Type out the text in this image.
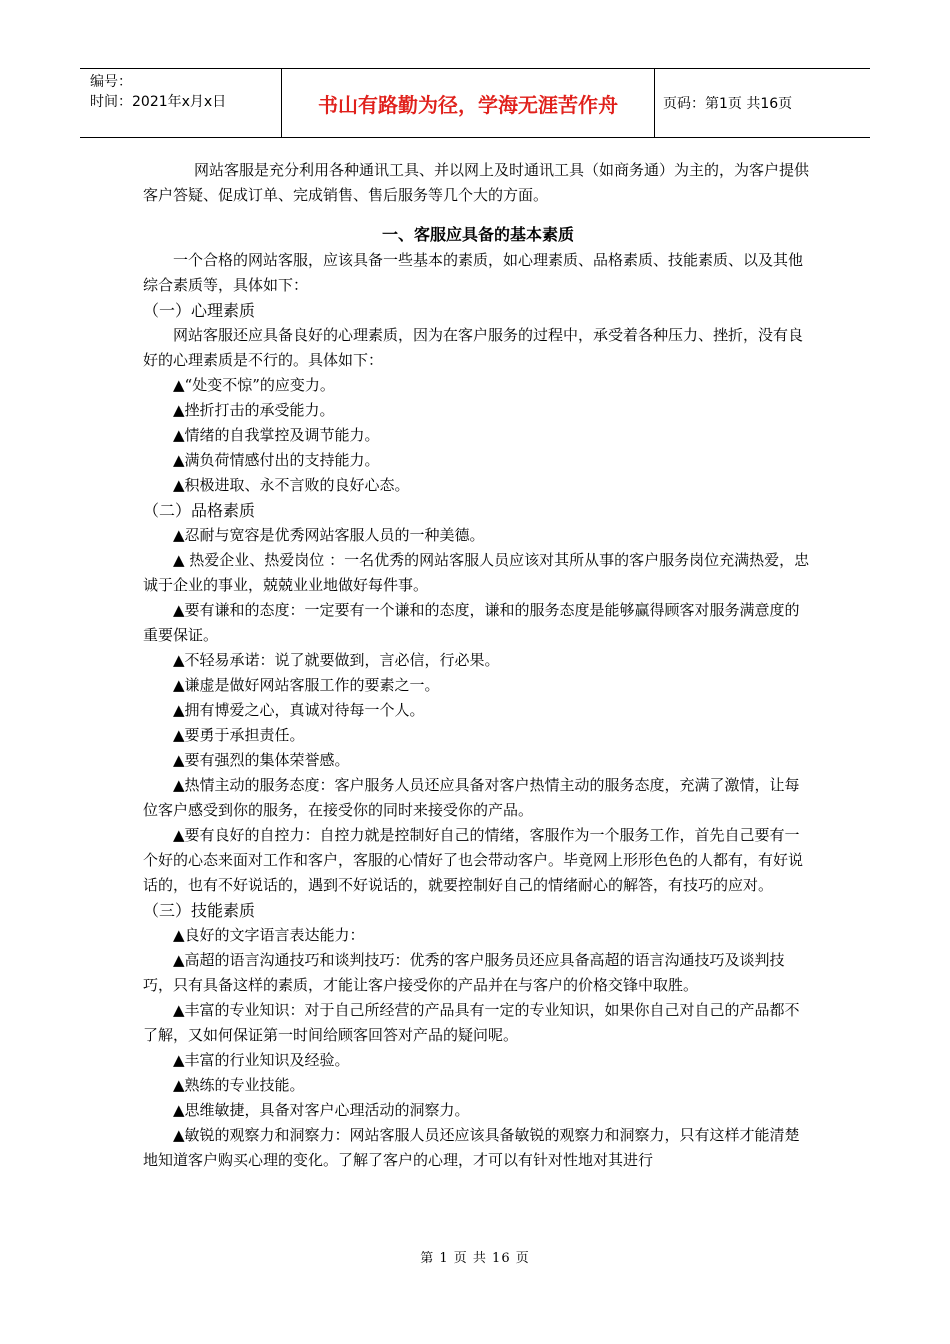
编号：
时间：2021年x月x日	书山有路勤为径，学海无涯苦作舟	页码：第1页 共16页

网站客服是充分利用各种通讯工具、并以网上及时通讯工具（如商务通）为主的，为客户提供客户答疑、促成订单、完成销售、售后服务等几个大的方面。

一、客服应具备的基本素质

一个合格的网站客服，应该具备一些基本的素质，如心理素质、品格素质、技能素质、以及其他综合素质等，具体如下：

（一）心理素质

网站客服还应具备良好的心理素质，因为在客户服务的过程中，承受着各种压力、挫折，没有良好的心理素质是不行的。具体如下：

▲“处变不惊”的应变力。

▲挫折打击的承受能力。

▲情绪的自我掌控及调节能力。

▲满负荷情感付出的支持能力。

▲积极进取、永不言败的良好心态。

（二）品格素质

▲忍耐与宽容是优秀网站客服人员的一种美德。

▲ 热爱企业、热爱岗位 ：一名优秀的网站客服人员应该对其所从事的客户服务岗位充满热爱，忠诚于企业的事业，兢兢业业地做好每件事。

▲要有谦和的态度：一定要有一个谦和的态度，谦和的服务态度是能够赢得顾客对服务满意度的重要保证。

▲不轻易承诺：说了就要做到，言必信，行必果。

▲谦虚是做好网站客服工作的要素之一。

▲拥有博爱之心，真诚对待每一个人。

▲要勇于承担责任。

▲要有强烈的集体荣誉感。

▲热情主动的服务态度：客户服务人员还应具备对客户热情主动的服务态度，充满了激情，让每位客户感受到你的服务，在接受你的同时来接受你的产品。

▲要有良好的自控力：自控力就是控制好自己的情绪，客服作为一个服务工作，首先自己要有一个好的心态来面对工作和客户，客服的心情好了也会带动客户。毕竟网上形形色色的人都有，有好说话的，也有不好说话的，遇到不好说话的，就要控制好自己的情绪耐心的解答，有技巧的应对。

（三）技能素质

▲良好的文字语言表达能力：

▲高超的语言沟通技巧和谈判技巧：优秀的客户服务员还应具备高超的语言沟通技巧及谈判技巧，只有具备这样的素质，才能让客户接受你的产品并在与客户的价格交锋中取胜。

▲丰富的专业知识：对于自己所经营的产品具有一定的专业知识，如果你自己对自己的产品都不了解，又如何保证第一时间给顾客回答对产品的疑问呢。

▲丰富的行业知识及经验。

▲熟练的专业技能。

▲思维敏捷，具备对客户心理活动的洞察力。

▲敏锐的观察力和洞察力：网站客服人员还应该具备敏锐的观察力和洞察力，只有这样才能清楚地知道客户购买心理的变化。了解了客户的心理，才可以有针对性地对其进行

第 1 页 共 16 页
